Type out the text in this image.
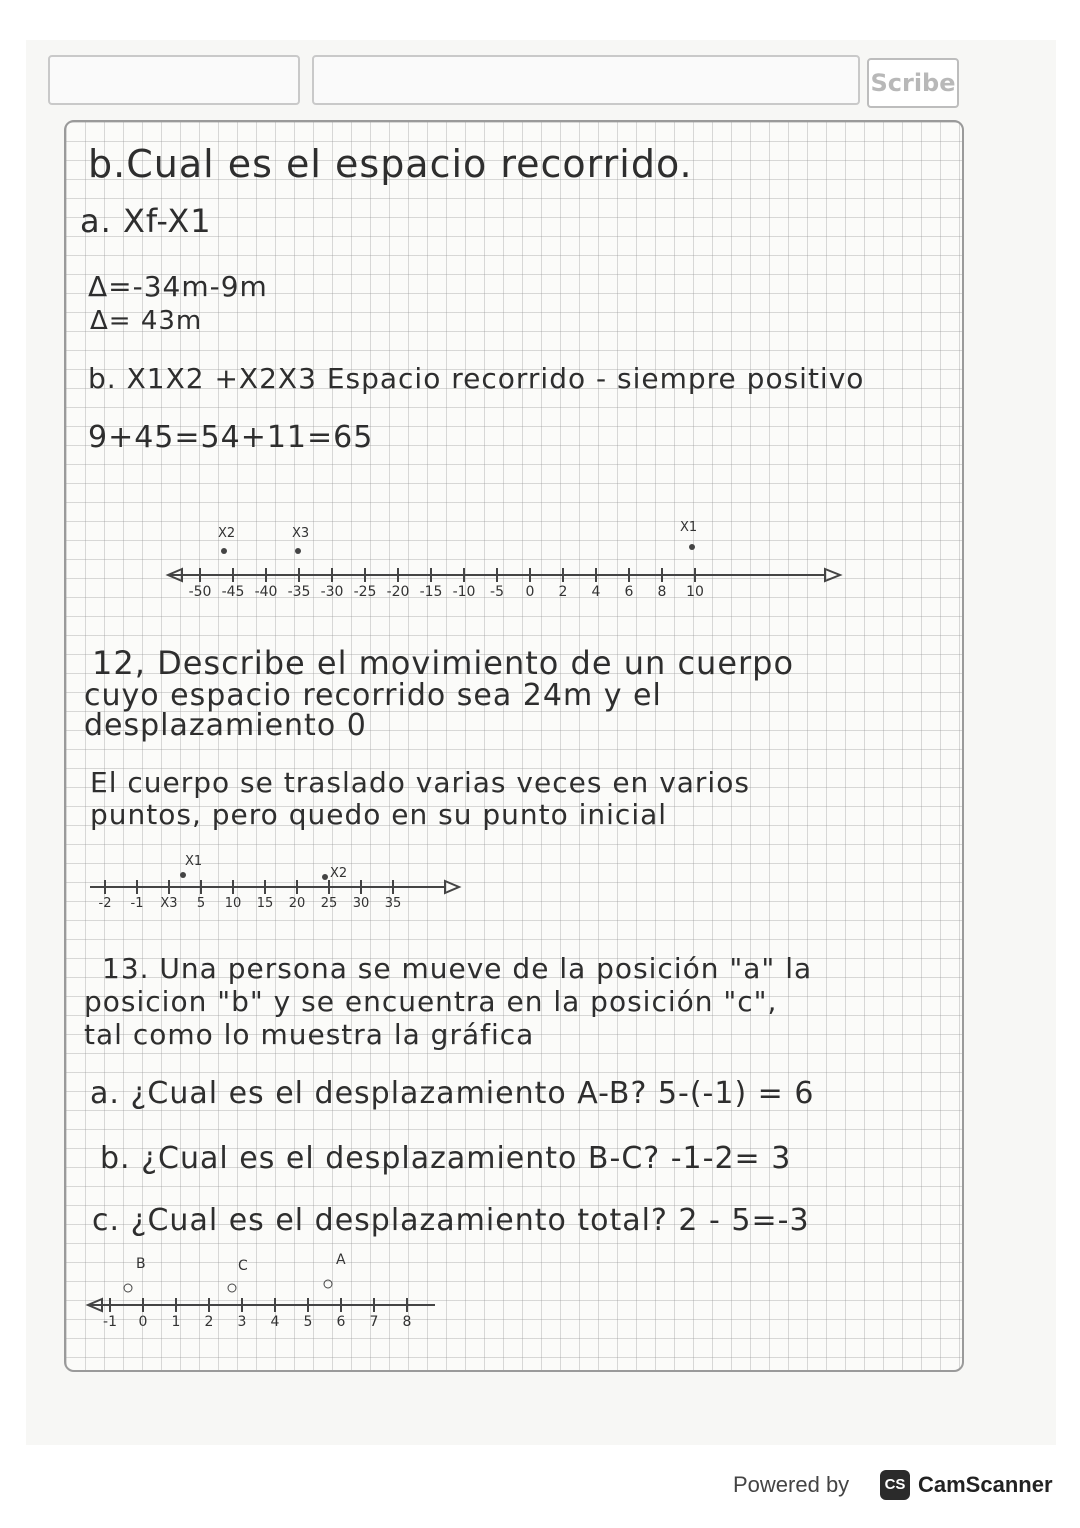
Scribe
b.Cual es el espacio recorrido.
a. Xf-X1
Δ=-34m-9m
Δ= 43m
b. X1X2 +X2X3 Espacio recorrido - siempre positivo
9+45=54+11=65
-50 -45 -40 -35 -30 -25 -20 -15 -10 -5 0 2 4 6 8 10
X2	X3	X1
12, Describe el movimiento de un cuerpo
cuyo espacio recorrido sea 24m y el
desplazamiento 0
El cuerpo se traslado varias veces en varios
puntos, pero quedo en su punto inicial
-2 -1 X3 5 10 15 20 25 30 35
X1
X2
13. Una persona se mueve de la posición "a" la
posicion "b" y se encuentra en la posición "c",
tal como lo muestra la gráfica
a. ¿Cual es el desplazamiento A-B? 5-(-1) = 6
b. ¿Cual es el desplazamiento B-C? -1-2= 3
c. ¿Cual es el desplazamiento total? 2 - 5=-3
-1 0 1 2 3 4 5 6 7 8
B	C	A
Powered by	CS CamScanner
